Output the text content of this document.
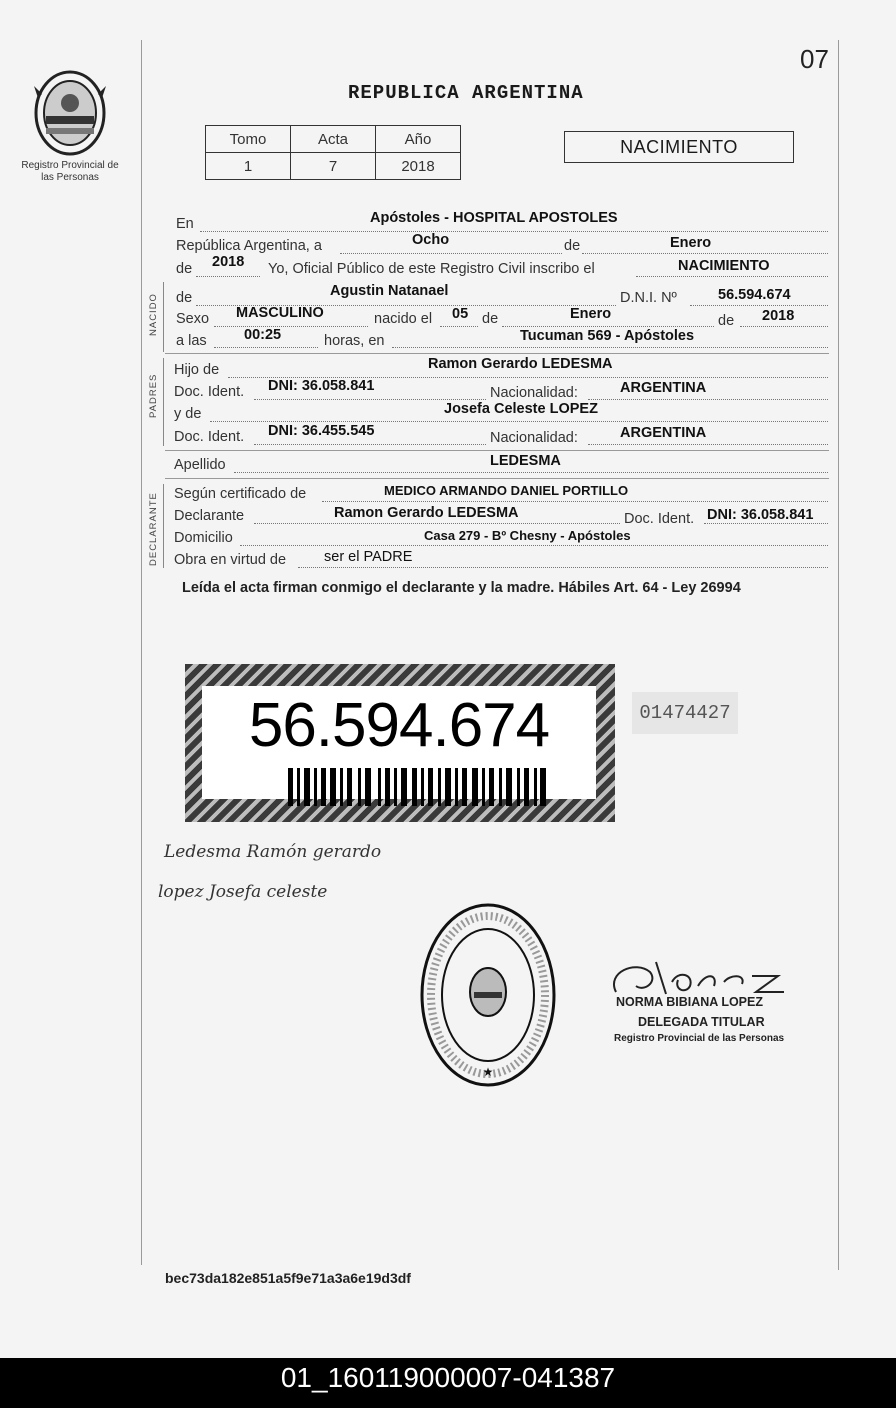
07
REPUBLICA ARGENTINA
Registro Provincial de las Personas
Tomo	Acta	Año
1	7	2018
NACIMIENTO
En	Apóstoles - HOSPITAL APOSTOLES
República Argentina, a	Ocho	de	Enero
de 2018 Yo, Oficial Público de este Registro Civil inscribo el	NACIMIENTO
NACIDO de	Agustin Natanael	D.N.I. Nº	56.594.674
Sexo MASCULINO	nacido el 05 de	Enero	de 2018
a las	00:25	horas, en	Tucuman 569 - Apóstoles
PADRES
Hijo de	Ramon Gerardo LEDESMA
Doc. Ident. DNI: 36.058.841	Nacionalidad:	ARGENTINA
y de	Josefa Celeste LOPEZ
Doc. Ident. DNI: 36.455.545	Nacionalidad:	ARGENTINA
Apellido	LEDESMA
DECLARANTE Según certificado de	MEDICO ARMANDO DANIEL PORTILLO
Declarante	Ramon Gerardo LEDESMA	Doc. Ident. DNI: 36.058.841
Domicilio	Casa 279 - Bº Chesny - Apóstoles
Obra en virtud de	ser el PADRE
Leída el acta firman conmigo el declarante y la madre. Hábiles Art. 64 - Ley 26994
56.594.674	01474427
Ledesma Ramón gerardo
lopez Josefa celeste
★
NORMA BIBIANA LOPEZ
DELEGADA TITULAR
Registro Provincial de las Personas
bec73da182e851a5f9e71a3a6e19d3df
01_160119000007-041387
